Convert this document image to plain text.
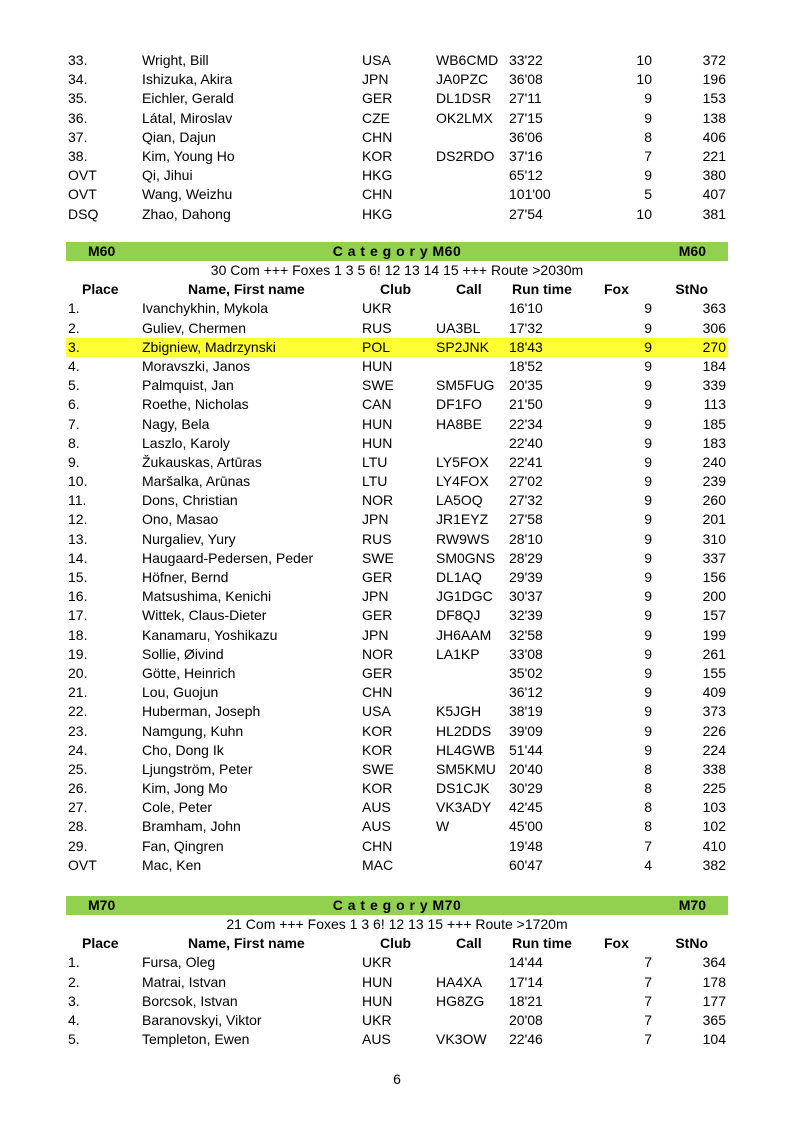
33.	Wright, Bill	USA	WB6CMD 33'22	10	372
34.	Ishizuka, Akira	JPN	JA0PZC 36'08	10	196
35.	Eichler, Gerald	GER	DL1DSR 27'11	9	153
36.	Látal, Miroslav	CZE	OK2LMX 27'15	9	138
37.	Qian, Dajun	CHN	36'06	8	406
38.	Kim, Young Ho	KOR	DS2RDO 37'16	7	221
OVT	Qi, Jihui	HKG	65'12	9	380
OVT	Wang, Weizhu	CHN	101'00	5	407
DSQ	Zhao, Dahong	HKG	27'54	10	381
M60	C a t e g o r y M60	M60
30 Com +++ Foxes 1 3 5 6! 12 13 14 15 +++ Route >2030m
Place	Name, First name	Club	Call Run time Fox	StNo
1.	Ivanchykhin, Mykola	UKR	16'10	9	363
2.	Guliev, Chermen	RUS	UA3BL 17'32	9	306
3.	Zbigniew, Madrzynski	POL	SP2JNK 18'43	9	270
4.	Moravszki, Janos	HUN	18'52	9	184
5.	Palmquist, Jan	SWE	SM5FUG 20'35	9	339
6.	Roethe, Nicholas	CAN	DF1FO 21'50	9	113
7.	Nagy, Bela	HUN	HA8BE 22'34	9	185
8.	Laszlo, Karoly	HUN	22'40	9	183
9.	Žukauskas, Artūras	LTU	LY5FOX 22'41	9	240
10.	Maršalka, Arūnas	LTU	LY4FOX 27'02	9	239
11.	Dons, Christian	NOR	LA5OQ 27'32	9	260
12.	Ono, Masao	JPN	JR1EYZ 27'58	9	201
13.	Nurgaliev, Yury	RUS	RW9WS 28'10	9	310
14.	Haugaard-Pedersen, Peder	SWE	SM0GNS 28'29	9	337
15.	Höfner, Bernd	GER	DL1AQ 29'39	9	156
16.	Matsushima, Kenichi	JPN	JG1DGC 30'37	9	200
17.	Wittek, Claus-Dieter	GER	DF8QJ 32'39	9	157
18.	Kanamaru, Yoshikazu	JPN	JH6AAM 32'58	9	199
19.	Sollie, Øivind	NOR	LA1KP 33'08	9	261
20.	Götte, Heinrich	GER	35'02	9	155
21.	Lou, Guojun	CHN	36'12	9	409
22.	Huberman, Joseph	USA	K5JGH 38'19	9	373
23.	Namgung, Kuhn	KOR	HL2DDS 39'09	9	226
24.	Cho, Dong Ik	KOR	HL4GWB 51'44	9	224
25.	Ljungström, Peter	SWE	SM5KMU 20'40	8	338
26.	Kim, Jong Mo	KOR	DS1CJK 30'29	8	225
27.	Cole, Peter	AUS	VK3ADY 42'45	8	103
28.	Bramham, John	AUS	W	45'00	8	102
29.	Fan, Qingren	CHN	19'48	7	410
OVT	Mac, Ken	MAC	60'47	4	382
M70	C a t e g o r y M70	M70
21 Com +++ Foxes 1 3 6! 12 13 15 +++ Route >1720m
Place	Name, First name	Club	Call Run time Fox	StNo
1.	Fursa, Oleg	UKR	14'44	7	364
2.	Matrai, Istvan	HUN	HA4XA 17'14	7	178
3.	Borcsok, Istvan	HUN	HG8ZG 18'21	7	177
4.	Baranovskyi, Viktor	UKR	20'08	7	365
5.	Templeton, Ewen	AUS	VK3OW 22'46	7	104
6
